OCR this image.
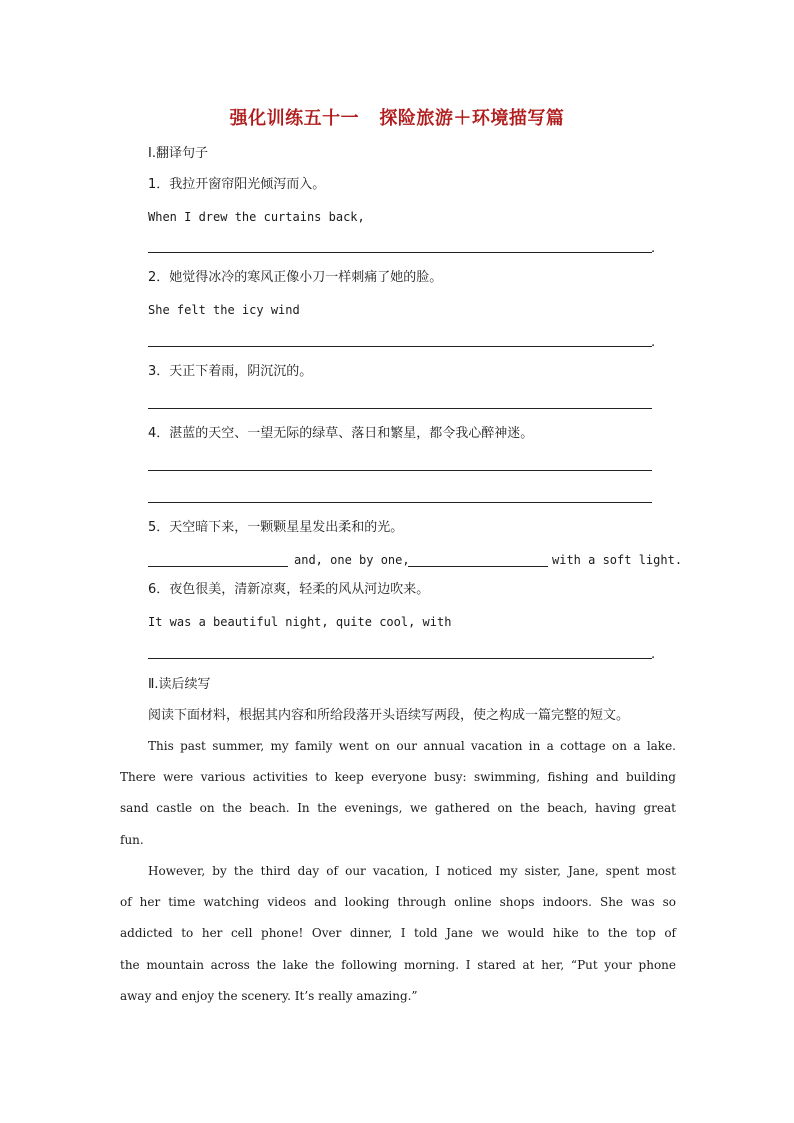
强化训练五十一   探险旅游＋环境描写篇
Ⅰ.翻译句子
1．我拉开窗帘阳光倾泻而入。
When I drew the curtains back,
.
2．她觉得冰冷的寒风正像小刀一样刺痛了她的脸。
She felt the icy wind
.
3．天正下着雨，阴沉沉的。
4．湛蓝的天空、一望无际的绿草、落日和繁星，都令我心醉神迷。
5．天空暗下来，一颗颗星星发出柔和的光。
and, one by one,	with a soft light.
6．夜色很美，清新凉爽，轻柔的风从河边吹来。
It was a beautiful night, quite cool, with
.
Ⅱ.读后续写
阅读下面材料，根据其内容和所给段落开头语续写两段，使之构成一篇完整的短文。
This past summer, my family went on our annual vacation in a cottage on a lake.
There were various activities to keep everyone busy: swimming, fishing and building
sand castle on the beach. In the evenings, we gathered on the beach, having great
fun.
However, by the third day of our vacation, I noticed my sister, Jane, spent most
of her time watching videos and looking through online shops indoors. She was so
addicted to her cell phone! Over dinner, I told Jane we would hike to the top of
the mountain across the lake the following morning. I stared at her, “Put your phone
away and enjoy the scenery. It’s really amazing.”
